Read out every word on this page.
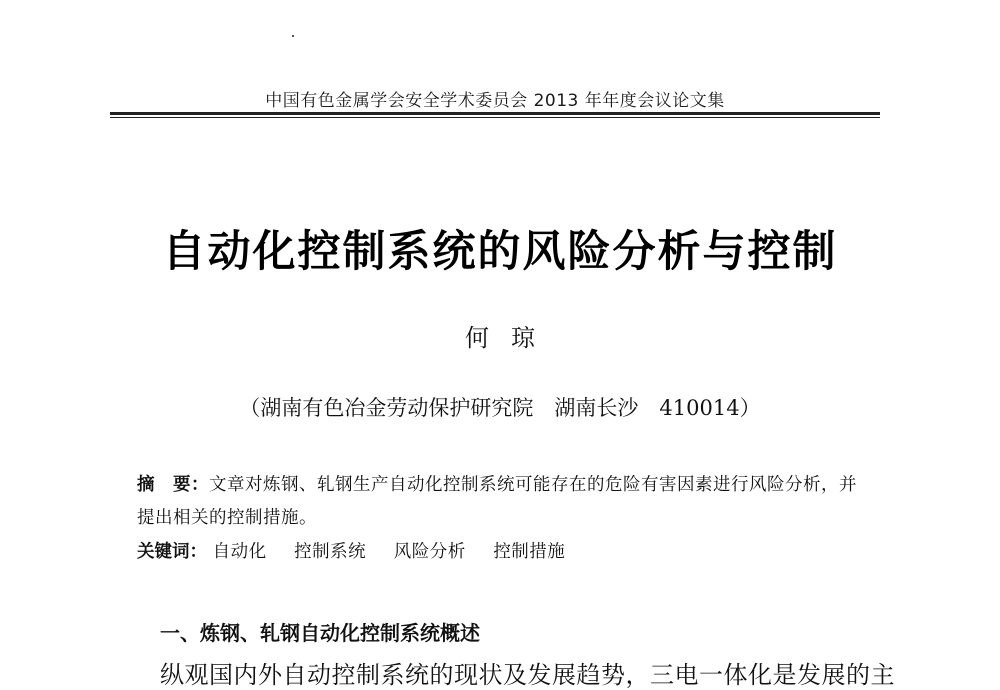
中国有色金属学会安全学术委员会 2013 年年度会议论文集
自动化控制系统的风险分析与控制
何琼
（湖南有色冶金劳动保护研究院　湖南长沙　410014）
摘　要：文章对炼钢、轧钢生产自动化控制系统可能存在的危险有害因素进行风险分析，并提出相关的控制措施。
关键词： 自动化 控制系统 风险分析 控制措施
一、炼钢、轧钢自动化控制系统概述
纵观国内外自动控制系统的现状及发展趋势，三电一体化是发展的主
